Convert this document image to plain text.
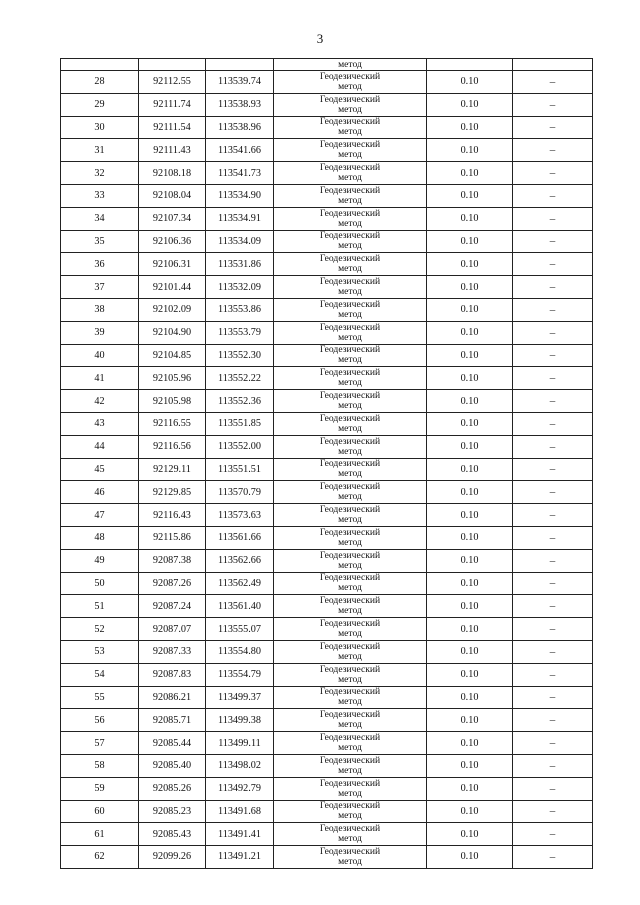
3
			метод		
28	92112.55	113539.74	Геодезический
метод	0.10	–
29	92111.74	113538.93	Геодезический
метод	0.10	–
30	92111.54	113538.96	Геодезический
метод	0.10	–
31	92111.43	113541.66	Геодезический
метод	0.10	–
32	92108.18	113541.73	Геодезический
метод	0.10	–
33	92108.04	113534.90	Геодезический
метод	0.10	–
34	92107.34	113534.91	Геодезический
метод	0.10	–
35	92106.36	113534.09	Геодезический
метод	0.10	–
36	92106.31	113531.86	Геодезический
метод	0.10	–
37	92101.44	113532.09	Геодезический
метод	0.10	–
38	92102.09	113553.86	Геодезический
метод	0.10	–
39	92104.90	113553.79	Геодезический
метод	0.10	–
40	92104.85	113552.30	Геодезический
метод	0.10	–
41	92105.96	113552.22	Геодезический
метод	0.10	–
42	92105.98	113552.36	Геодезический
метод	0.10	–
43	92116.55	113551.85	Геодезический
метод	0.10	–
44	92116.56	113552.00	Геодезический
метод	0.10	–
45	92129.11	113551.51	Геодезический
метод	0.10	–
46	92129.85	113570.79	Геодезический
метод	0.10	–
47	92116.43	113573.63	Геодезический
метод	0.10	–
48	92115.86	113561.66	Геодезический
метод	0.10	–
49	92087.38	113562.66	Геодезический
метод	0.10	–
50	92087.26	113562.49	Геодезический
метод	0.10	–
51	92087.24	113561.40	Геодезический
метод	0.10	–
52	92087.07	113555.07	Геодезический
метод	0.10	–
53	92087.33	113554.80	Геодезический
метод	0.10	–
54	92087.83	113554.79	Геодезический
метод	0.10	–
55	92086.21	113499.37	Геодезический
метод	0.10	–
56	92085.71	113499.38	Геодезический
метод	0.10	–
57	92085.44	113499.11	Геодезический
метод	0.10	–
58	92085.40	113498.02	Геодезический
метод	0.10	–
59	92085.26	113492.79	Геодезический
метод	0.10	–
60	92085.23	113491.68	Геодезический
метод	0.10	–
61	92085.43	113491.41	Геодезический
метод	0.10	–
62	92099.26	113491.21	Геодезический
метод	0.10	–
